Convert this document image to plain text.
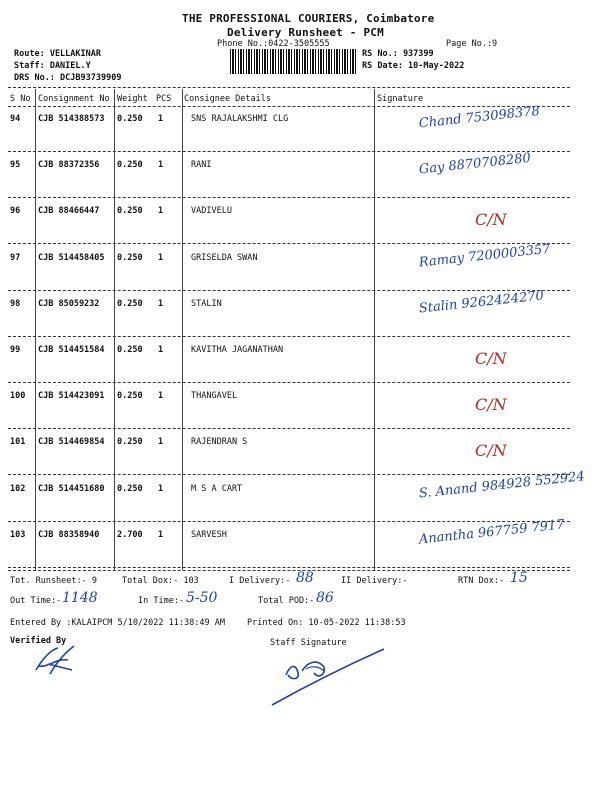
THE PROFESSIONAL COURIERS, Coimbatore
Delivery Runsheet - PCM
Phone No.:0422-3505555	Page No.:9
Route: VELLAKINAR
Staff: DANIEL.Y
DRS No.: DCJB93739909
RS No.: 937399
RS Date: 10-May-2022
S No Consignment No Weight PCS Consignee Details	Signature
94 CJB 514388573 0.250 1	SNS RAJALAKSHMI CLG	Chand 753098378
95 CJB 88372356 0.250 1	RANI	Gay 8870708280
96 CJB 88466447 0.250 1	VADIVELU	C/N
97 CJB 514458405 0.250 1	GRISELDA SWAN	Ramay 7200003357
98 CJB 85059232 0.250 1	STALIN	Stalin 9262424270
99 CJB 514451584 0.250 1	KAVITHA JAGANATHAN	C/N
100 CJB 514423091 0.250 1	THANGAVEL	C/N
101 CJB 514469854 0.250 1	RAJENDRAN S	C/N
102 CJB 514451680 0.250 1	M S A CART	S. Anand 984928 552924
103 CJB 88358940 2.700 1	SARVESH	Anantha 967759 7917
Tot. Runsheet:- 9	Total Dox:- 103	I Delivery:- 88	II Delivery:-	RTN Dox:- 15
Out Time:- 1148	In Time:- 5-50	Total POD:- 86
Entered By :KALAIPCM 5/10/2022 11:38:49 AM	Printed On: 10-05-2022 11:38:53
Verified By	Staff Signature
